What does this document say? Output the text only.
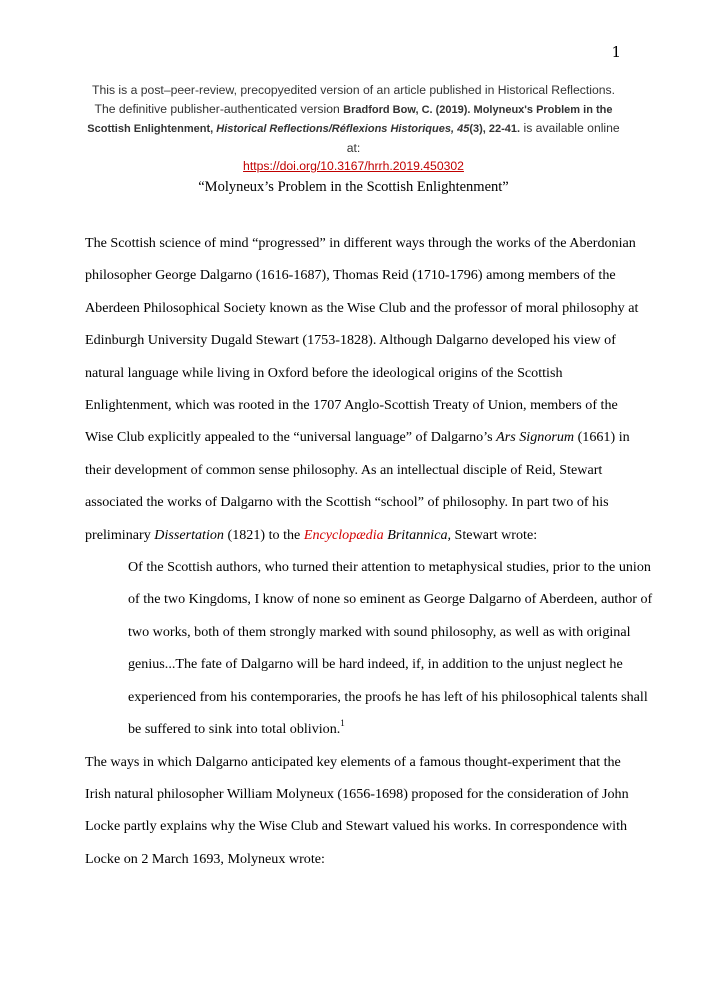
1
This is a post–peer-review, precopyedited version of an article published in Historical Reflections. The definitive publisher-authenticated version Bradford Bow, C. (2019). Molyneux's Problem in the Scottish Enlightenment, Historical Reflections/Réflexions Historiques, 45(3), 22-41. is available online at:
https://doi.org/10.3167/hrrh.2019.450302
“Molyneux’s Problem in the Scottish Enlightenment”

The Scottish science of mind “progressed” in different ways through the works of the Aberdonian philosopher George Dalgarno (1616-1687), Thomas Reid (1710-1796) among members of the Aberdeen Philosophical Society known as the Wise Club and the professor of moral philosophy at Edinburgh University Dugald Stewart (1753-1828). Although Dalgarno developed his view of natural language while living in Oxford before the ideological origins of the Scottish Enlightenment, which was rooted in the 1707 Anglo-Scottish Treaty of Union, members of the Wise Club explicitly appealed to the “universal language” of Dalgarno’s Ars Signorum (1661) in their development of common sense philosophy. As an intellectual disciple of Reid, Stewart associated the works of Dalgarno with the Scottish “school” of philosophy. In part two of his preliminary Dissertation (1821) to the Encyclopædia Britannica, Stewart wrote:

Of the Scottish authors, who turned their attention to metaphysical studies, prior to the union of the two Kingdoms, I know of none so eminent as George Dalgarno of Aberdeen, author of two works, both of them strongly marked with sound philosophy, as well as with original genius...The fate of Dalgarno will be hard indeed, if, in addition to the unjust neglect he experienced from his contemporaries, the proofs he has left of his philosophical talents shall be suffered to sink into total oblivion.$^1$

The ways in which Dalgarno anticipated key elements of a famous thought-experiment that the Irish natural philosopher William Molyneux (1656-1698) proposed for the consideration of John Locke partly explains why the Wise Club and Stewart valued his works. In correspondence with Locke on 2 March 1693, Molyneux wrote:
